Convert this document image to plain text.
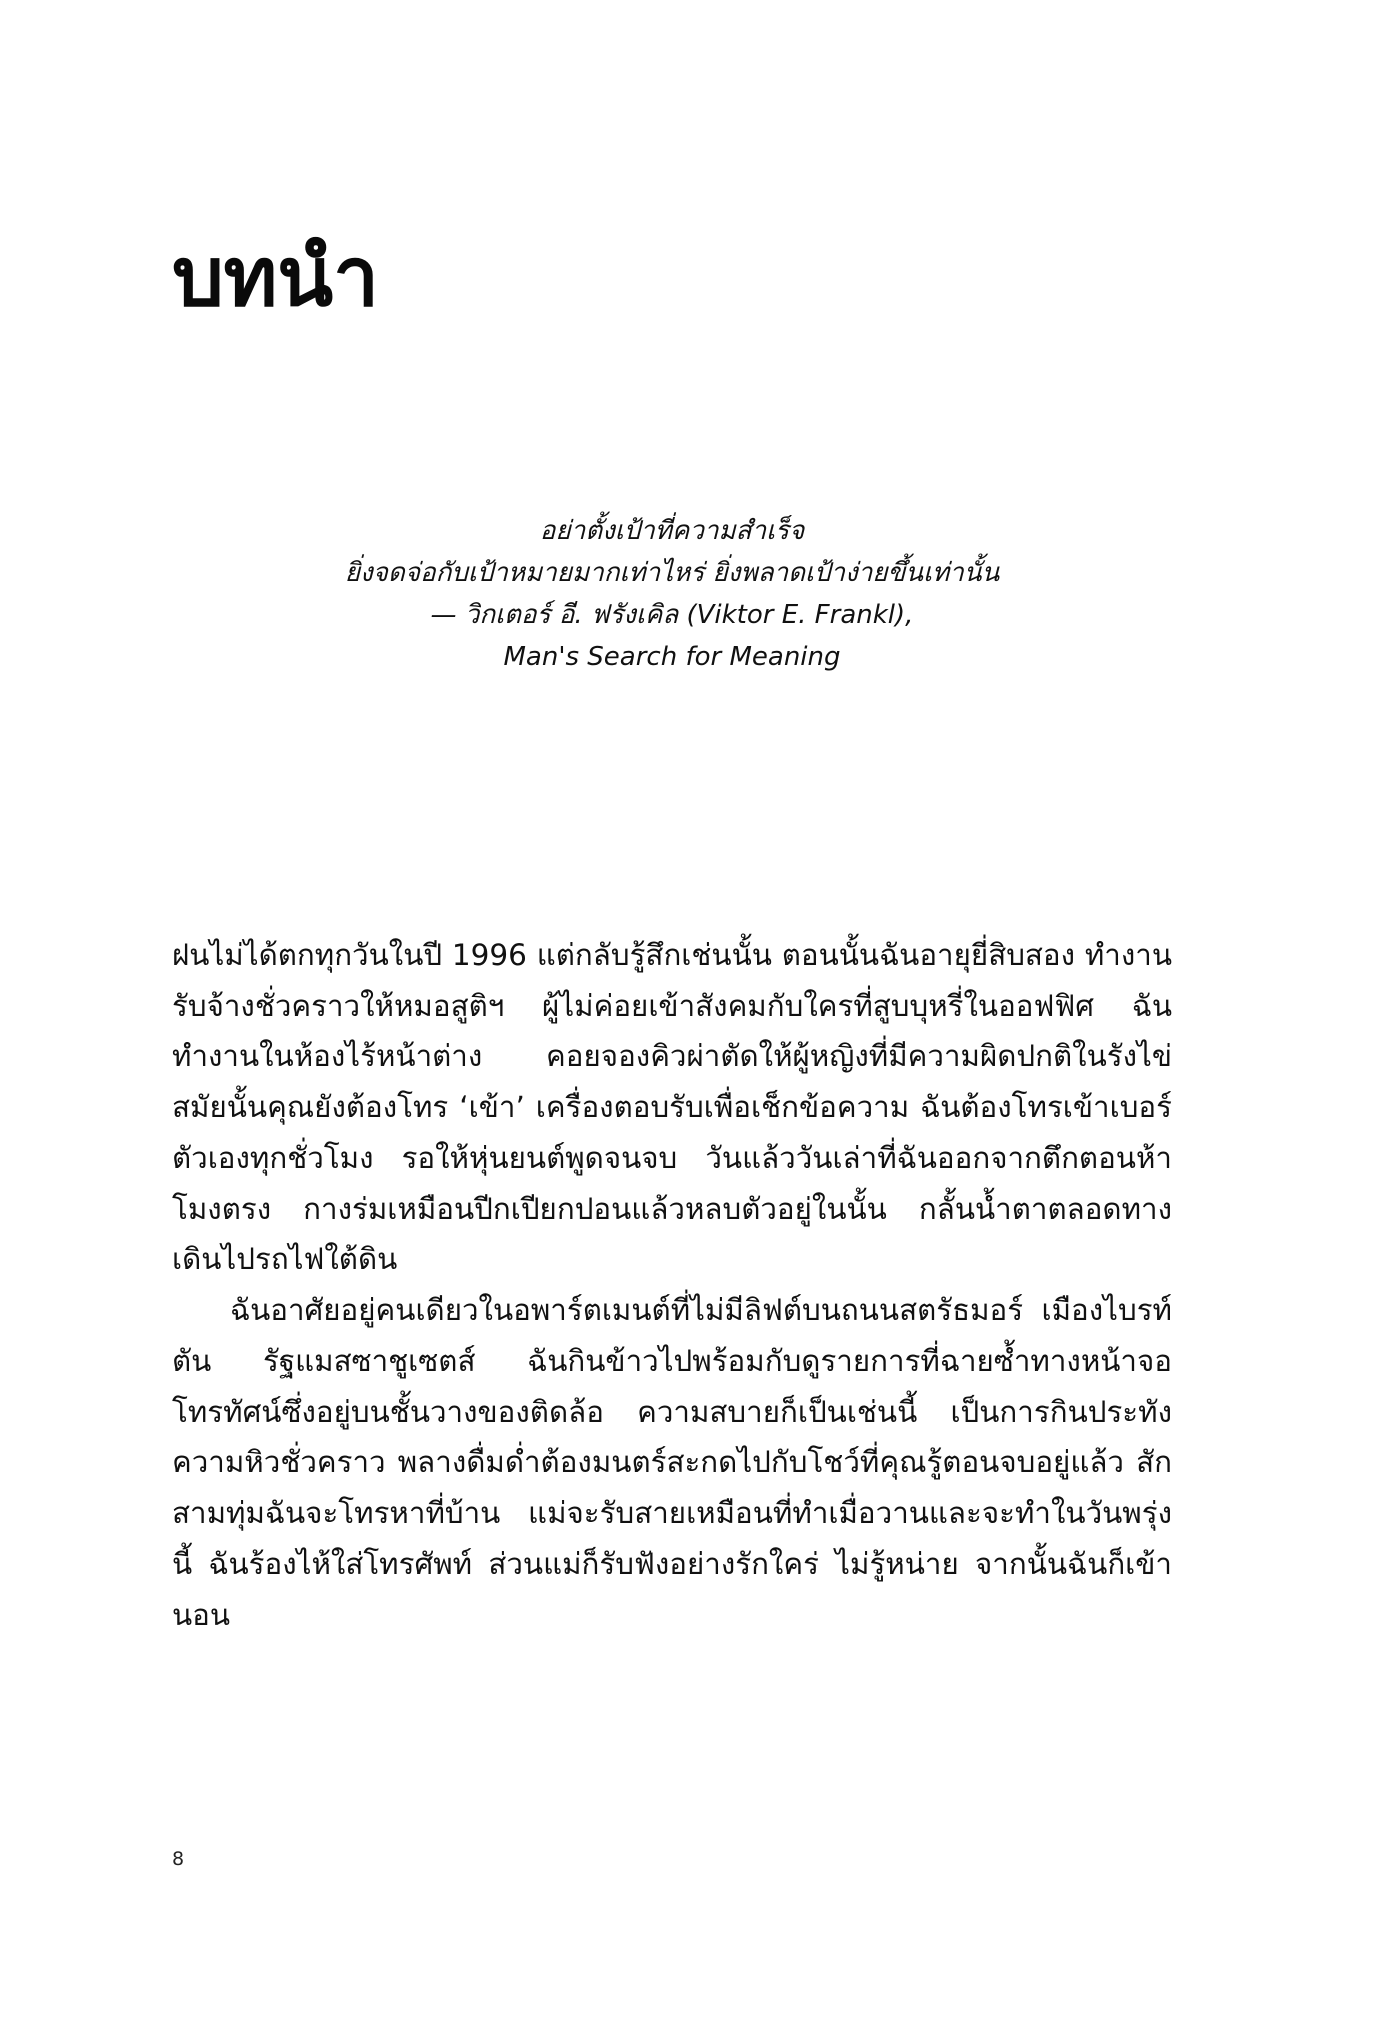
บทนำ
อย่าตั้งเป้าที่ความสำเร็จ
ยิ่งจดจ่อกับเป้าหมายมากเท่าไหร่ ยิ่งพลาดเป้าง่ายขึ้นเท่านั้น
— วิกเตอร์ อี. ฟรังเคิล (Viktor E. Frankl),
Man's Search for Meaning

ฝนไม่ได้ตกทุกวันในปี 1996 แต่กลับรู้สึกเช่นนั้น ตอนนั้นฉันอายุยี่สิบสอง ทำงานรับจ้างชั่วคราวให้หมอสูติฯ ผู้ไม่ค่อยเข้าสังคมกับใครที่สูบบุหรี่ในออฟฟิศ ฉันทำงานในห้องไร้หน้าต่าง คอยจองคิวผ่าตัดให้ผู้หญิงที่มีความผิดปกติในรังไข่ สมัยนั้นคุณยังต้องโทร ‘เข้า’ เครื่องตอบรับเพื่อเช็กข้อความ ฉันต้องโทรเข้าเบอร์ตัวเองทุกชั่วโมง รอให้หุ่นยนต์พูดจนจบ วันแล้ววันเล่าที่ฉันออกจากตึกตอนห้าโมงตรง กางร่มเหมือนปีกเปียกปอนแล้วหลบตัวอยู่ในนั้น กลั้นน้ำตาตลอดทางเดินไปรถไฟใต้ดิน

ฉันอาศัยอยู่คนเดียวในอพาร์ตเมนต์ที่ไม่มีลิฟต์บนถนนสตรัธมอร์ เมืองไบรท์ตัน รัฐแมสซาชูเซตส์ ฉันกินข้าวไปพร้อมกับดูรายการที่ฉายซ้ำทางหน้าจอโทรทัศน์ซึ่งอยู่บนชั้นวางของติดล้อ ความสบายก็เป็นเช่นนี้ เป็นการกินประทังความหิวชั่วคราว พลางดื่มด่ำต้องมนตร์สะกดไปกับโชว์ที่คุณรู้ตอนจบอยู่แล้ว สักสามทุ่มฉันจะโทรหาที่บ้าน แม่จะรับสายเหมือนที่ทำเมื่อวานและจะทำในวันพรุ่งนี้ ฉันร้องไห้ใส่โทรศัพท์ ส่วนแม่ก็รับฟังอย่างรักใคร่ ไม่รู้หน่าย จากนั้นฉันก็เข้านอน

8
